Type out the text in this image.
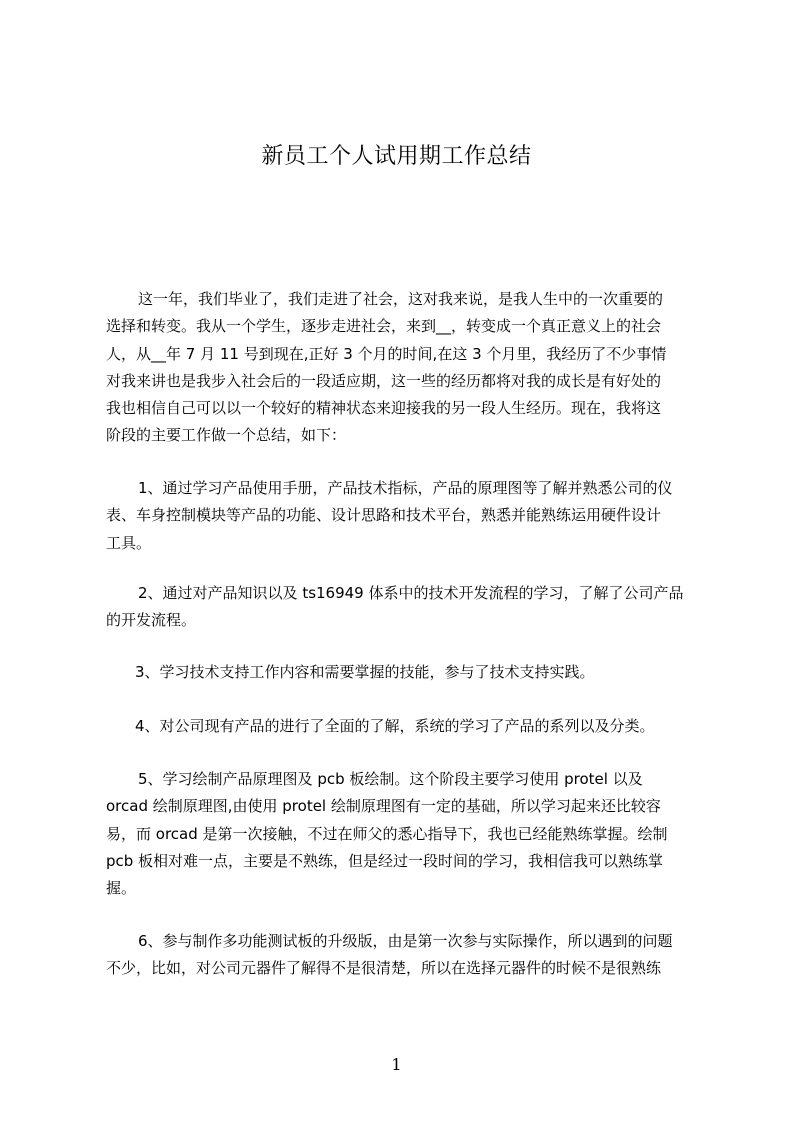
新员工个人试用期工作总结
这一年，我们毕业了，我们走进了社会，这对我来说，是我人生中的一次重要的
选择和转变。我从一个学生，逐步走进社会，来到__，转变成一个真正意义上的社会
人，从__年 7 月 11 号到现在,正好 3 个月的时间,在这 3 个月里，我经历了不少事情
对我来讲也是我步入社会后的一段适应期，这一些的经历都将对我的成长是有好处的
我也相信自己可以以一个较好的精神状态来迎接我的另一段人生经历。现在，我将这
阶段的主要工作做一个总结，如下：
1、通过学习产品使用手册，产品技术指标，产品的原理图等了解并熟悉公司的仪
表、车身控制模块等产品的功能、设计思路和技术平台，熟悉并能熟练运用硬件设计
工具。
2、通过对产品知识以及 ts16949 体系中的技术开发流程的学习，了解了公司产品
的开发流程。
3、学习技术支持工作内容和需要掌握的技能，参与了技术支持实践。
4、对公司现有产品的进行了全面的了解，系统的学习了产品的系列以及分类。
5、学习绘制产品原理图及 pcb 板绘制。这个阶段主要学习使用 protel 以及
orcad 绘制原理图,由使用 protel 绘制原理图有一定的基础，所以学习起来还比较容
易，而 orcad 是第一次接触，不过在师父的悉心指导下，我也已经能熟练掌握。绘制
pcb 板相对难一点，主要是不熟练，但是经过一段时间的学习，我相信我可以熟练掌
握。
6、参与制作多功能测试板的升级版，由是第一次参与实际操作，所以遇到的问题
不少，比如，对公司元器件了解得不是很清楚，所以在选择元器件的时候不是很熟练
1
